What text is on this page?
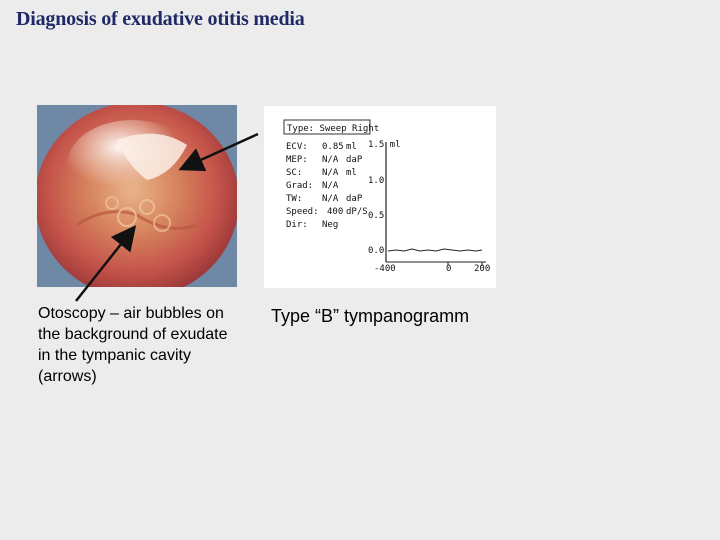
Diagnosis of exudative otitis media
Type: Sweep Right
ECV: 0.85 ml
MEP: N/A daP
SC: N/A ml
Grad: N/A
TW: N/A daP
Speed: 400 dP/S
Dir: Neg
1.5 ml
1.0
0.5
0.0
-400	0	200
Otoscopy – air bubbles on the background of exudate in the tympanic cavity (arrows)
Type “B” tympanogramm
